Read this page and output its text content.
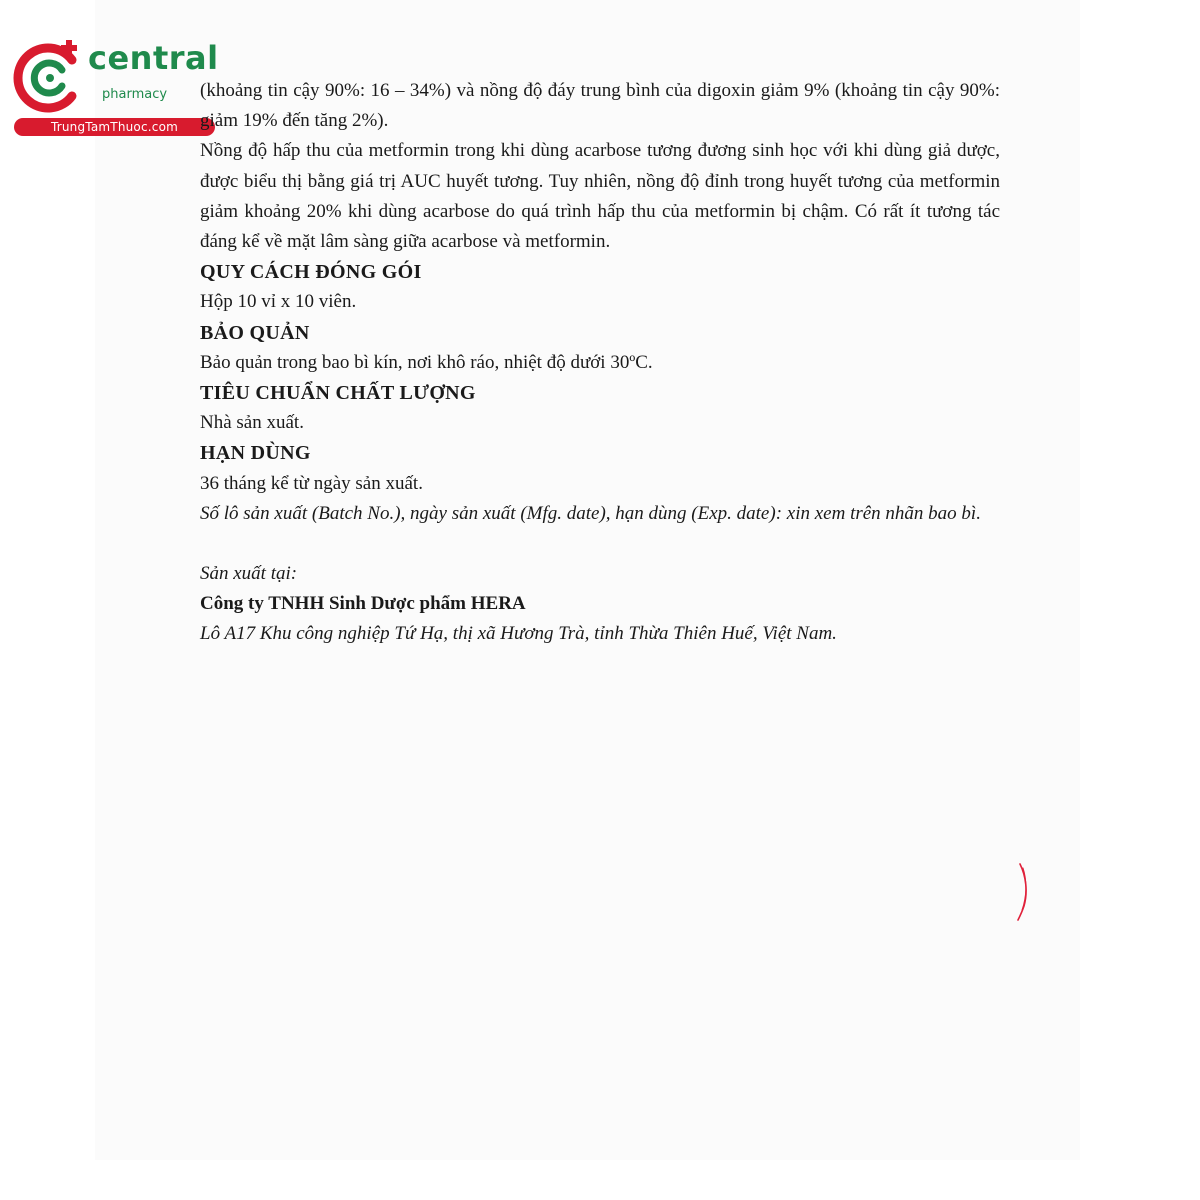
central
pharmacy
TrungTamThuoc.com

(khoảng tin cậy 90%: 16 – 34%) và nồng độ đáy trung bình của digoxin giảm 9% (khoảng tin cậy 90%: giảm 19% đến tăng 2%).

Nồng độ hấp thu của metformin trong khi dùng acarbose tương đương sinh học với khi dùng giả dược, được biểu thị bằng giá trị AUC huyết tương. Tuy nhiên, nồng độ đỉnh trong huyết tương của metformin giảm khoảng 20% khi dùng acarbose do quá trình hấp thu của metformin bị chậm. Có rất ít tương tác đáng kể về mặt lâm sàng giữa acarbose và metformin.

QUY CÁCH ĐÓNG GÓI

Hộp 10 vỉ x 10 viên.

BẢO QUẢN

Bảo quản trong bao bì kín, nơi khô ráo, nhiệt độ dưới 30ºC.

TIÊU CHUẨN CHẤT LƯỢNG

Nhà sản xuất.

HẠN DÙNG

36 tháng kể từ ngày sản xuất.

Số lô sản xuất (Batch No.), ngày sản xuất (Mfg. date), hạn dùng (Exp. date): xin xem trên nhãn bao bì.

Sản xuất tại:

Công ty TNHH Sinh Dược phẩm HERA

Lô A17 Khu công nghiệp Tứ Hạ, thị xã Hương Trà, tỉnh Thừa Thiên Huế, Việt Nam.
